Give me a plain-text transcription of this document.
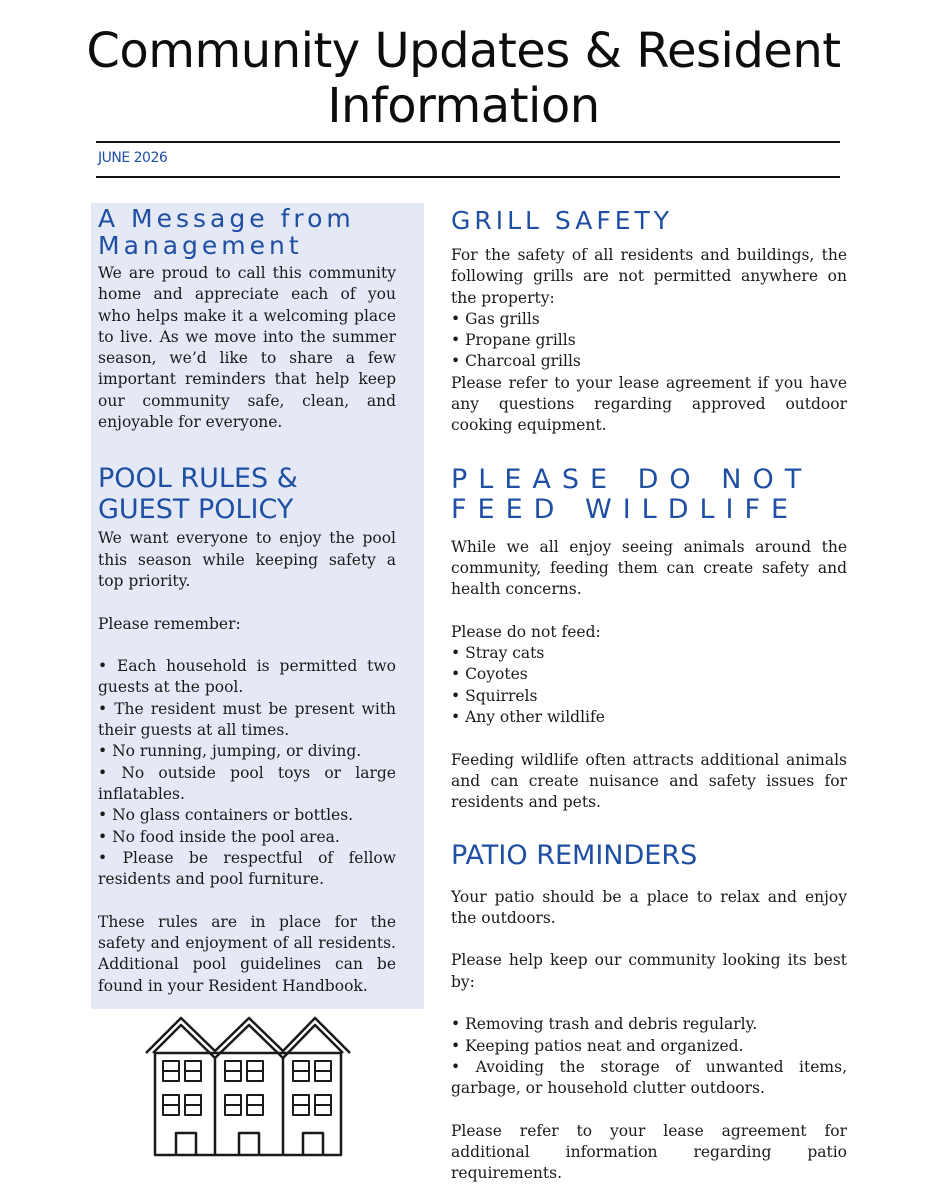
Community Updates & Resident Information
JUNE 2026
A Message from Management

We are proud to call this community home and appreciate each of you who helps make it a welcoming place to live. As we move into the summer season, we’d like to share a few important reminders that help keep our community safe, clean, and enjoyable for everyone.

POOL RULES & GUEST POLICY

We want everyone to enjoy the pool this season while keeping safety a top priority.

Please remember:

• Each household is permitted two guests at the pool.
• The resident must be present with their guests at all times.
• No running, jumping, or diving.
• No outside pool toys or large inflatables.
• No glass containers or bottles.
• No food inside the pool area.
• Please be respectful of fellow residents and pool furniture.

These rules are in place for the safety and enjoyment of all residents. Additional pool guidelines can be found in your Resident Handbook.

GRILL SAFETY

For the safety of all residents and buildings, the following grills are not permitted anywhere on the property:
• Gas grills
• Propane grills
• Charcoal grills
Please refer to your lease agreement if you have any questions regarding approved outdoor cooking equipment.

PLEASE DO NOT FEED WILDLIFE

While we all enjoy seeing animals around the community, feeding them can create safety and health concerns.

Please do not feed:
• Stray cats
• Coyotes
• Squirrels
• Any other wildlife

Feeding wildlife often attracts additional animals and can create nuisance and safety issues for residents and pets.

PATIO REMINDERS

Your patio should be a place to relax and enjoy the outdoors.

Please help keep our community looking its best by:

• Removing trash and debris regularly.
• Keeping patios neat and organized.
• Avoiding the storage of unwanted items, garbage, or household clutter outdoors.

Please refer to your lease agreement for additional information regarding patio requirements.
